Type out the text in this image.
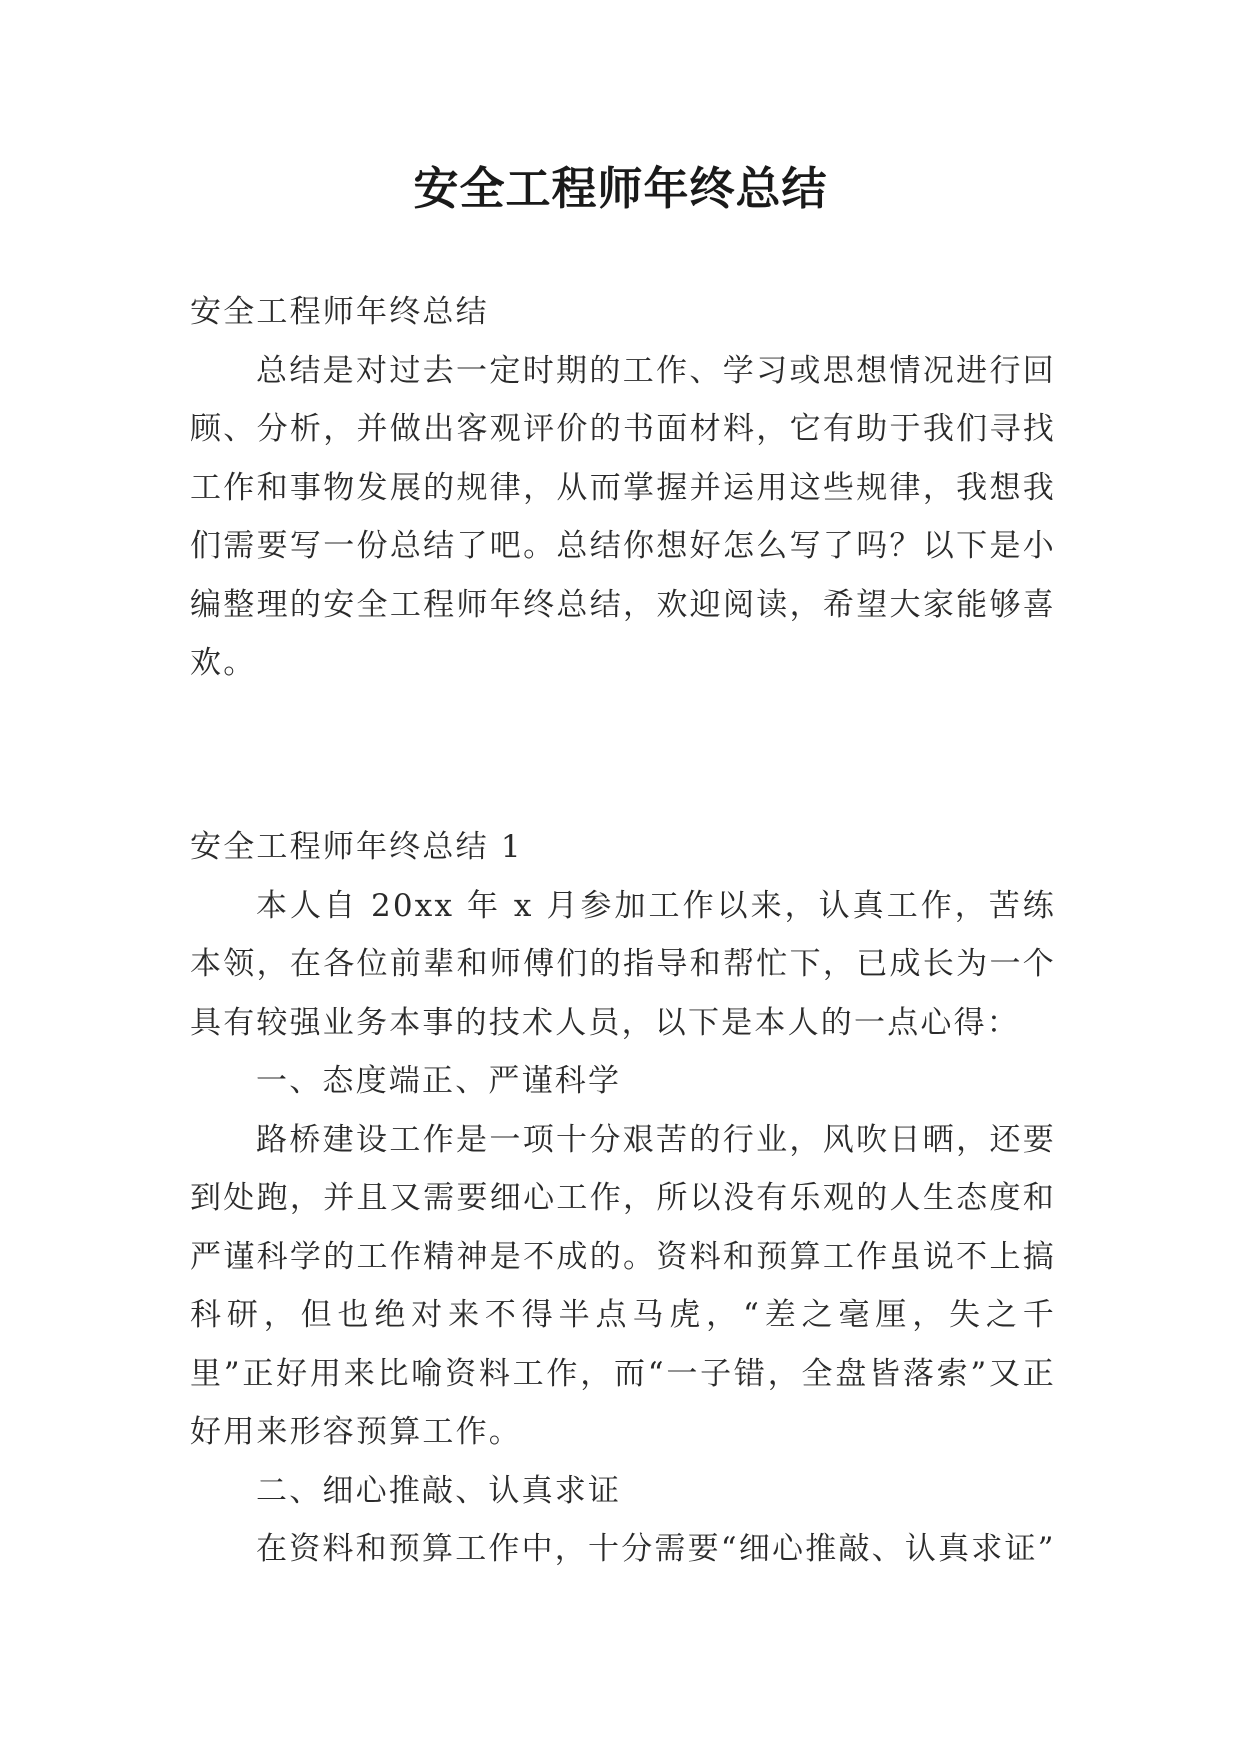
安全工程师年终总结

安全工程师年终总结

总结是对过去一定时期的工作、学习或思想情况进行回顾、分析，并做出客观评价的书面材料，它有助于我们寻找工作和事物发展的规律，从而掌握并运用这些规律，我想我们需要写一份总结了吧。总结你想好怎么写了吗？以下是小编整理的安全工程师年终总结，欢迎阅读，希望大家能够喜欢。

安全工程师年终总结 1

本人自 20xx 年 x 月参加工作以来，认真工作，苦练本领，在各位前辈和师傅们的指导和帮忙下，已成长为一个具有较强业务本事的技术人员，以下是本人的一点心得：

一、态度端正、严谨科学

路桥建设工作是一项十分艰苦的行业，风吹日晒，还要到处跑，并且又需要细心工作，所以没有乐观的人生态度和严谨科学的工作精神是不成的。资料和预算工作虽说不上搞科研，但也绝对来不得半点马虎，“差之毫厘，失之千里”正好用来比喻资料工作，而“一子错，全盘皆落索”又正好用来形容预算工作。

二、细心推敲、认真求证

在资料和预算工作中，十分需要“细心推敲、认真求证”
